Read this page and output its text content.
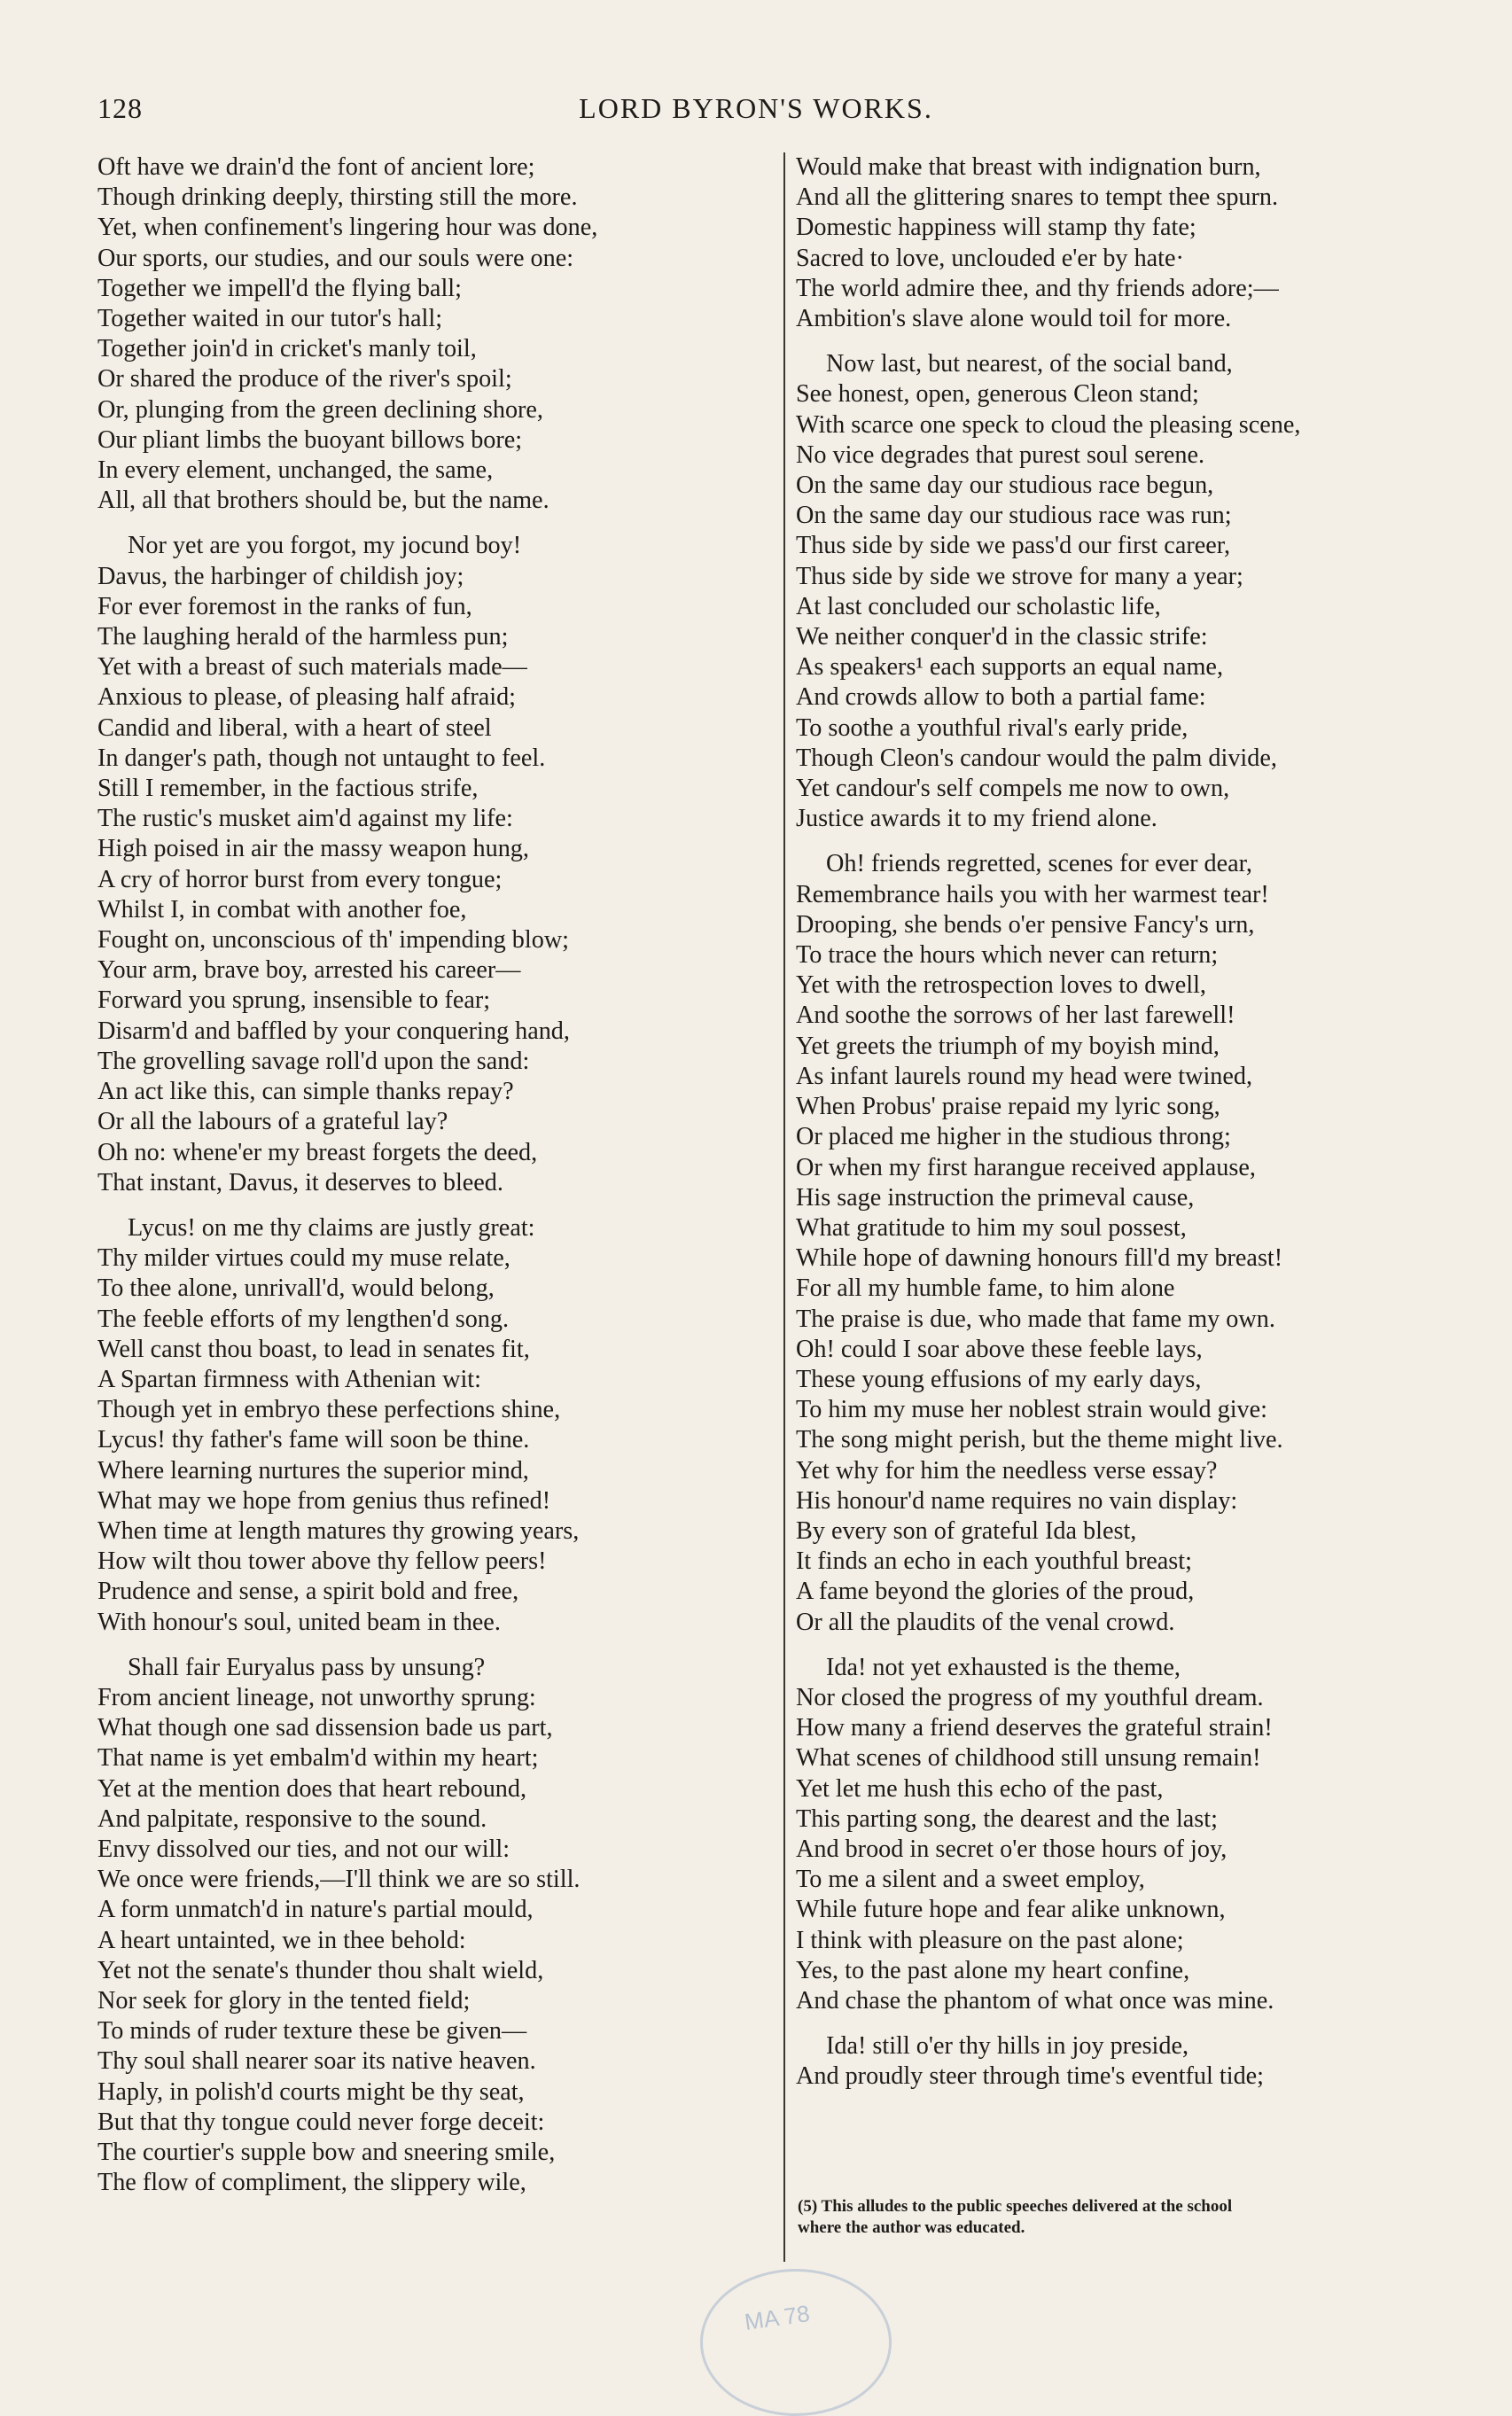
128	LORD BYRON'S WORKS.
Oft have we drain'd the font of ancient lore;
Though drinking deeply, thirsting still the more.
Yet, when confinement's lingering hour was done,
Our sports, our studies, and our souls were one:
Together we impell'd the flying ball;
Together waited in our tutor's hall;
Together join'd in cricket's manly toil,
Or shared the produce of the river's spoil;
Or, plunging from the green declining shore,
Our pliant limbs the buoyant billows bore;
In every element, unchanged, the same,
All, all that brothers should be, but the name.
Nor yet are you forgot, my jocund boy!
Davus, the harbinger of childish joy;
For ever foremost in the ranks of fun,
The laughing herald of the harmless pun;
Yet with a breast of such materials made—
Anxious to please, of pleasing half afraid;
Candid and liberal, with a heart of steel
In danger's path, though not untaught to feel.
Still I remember, in the factious strife,
The rustic's musket aim'd against my life:
High poised in air the massy weapon hung,
A cry of horror burst from every tongue;
Whilst I, in combat with another foe,
Fought on, unconscious of th' impending blow;
Your arm, brave boy, arrested his career—
Forward you sprung, insensible to fear;
Disarm'd and baffled by your conquering hand,
The grovelling savage roll'd upon the sand:
An act like this, can simple thanks repay?
Or all the labours of a grateful lay?
Oh no: whene'er my breast forgets the deed,
That instant, Davus, it deserves to bleed.
Lycus! on me thy claims are justly great:
Thy milder virtues could my muse relate,
To thee alone, unrivall'd, would belong,
The feeble efforts of my lengthen'd song.
Well canst thou boast, to lead in senates fit,
A Spartan firmness with Athenian wit:
Though yet in embryo these perfections shine,
Lycus! thy father's fame will soon be thine.
Where learning nurtures the superior mind,
What may we hope from genius thus refined!
When time at length matures thy growing years,
How wilt thou tower above thy fellow peers!
Prudence and sense, a spirit bold and free,
With honour's soul, united beam in thee.
Shall fair Euryalus pass by unsung?
From ancient lineage, not unworthy sprung:
What though one sad dissension bade us part,
That name is yet embalm'd within my heart;
Yet at the mention does that heart rebound,
And palpitate, responsive to the sound.
Envy dissolved our ties, and not our will:
We once were friends,—I'll think we are so still.
A form unmatch'd in nature's partial mould,
A heart untainted, we in thee behold:
Yet not the senate's thunder thou shalt wield,
Nor seek for glory in the tented field;
To minds of ruder texture these be given—
Thy soul shall nearer soar its native heaven.
Haply, in polish'd courts might be thy seat,
But that thy tongue could never forge deceit:
The courtier's supple bow and sneering smile,
The flow of compliment, the slippery wile,
Would make that breast with indignation burn,
And all the glittering snares to tempt thee spurn.
Domestic happiness will stamp thy fate;
Sacred to love, unclouded e'er by hate·
The world admire thee, and thy friends adore;—
Ambition's slave alone would toil for more.
Now last, but nearest, of the social band,
See honest, open, generous Cleon stand;
With scarce one speck to cloud the pleasing scene,
No vice degrades that purest soul serene.
On the same day our studious race begun,
On the same day our studious race was run;
Thus side by side we pass'd our first career,
Thus side by side we strove for many a year;
At last concluded our scholastic life,
We neither conquer'd in the classic strife:
As speakers¹ each supports an equal name,
And crowds allow to both a partial fame:
To soothe a youthful rival's early pride,
Though Cleon's candour would the palm divide,
Yet candour's self compels me now to own,
Justice awards it to my friend alone.
Oh! friends regretted, scenes for ever dear,
Remembrance hails you with her warmest tear!
Drooping, she bends o'er pensive Fancy's urn,
To trace the hours which never can return;
Yet with the retrospection loves to dwell,
And soothe the sorrows of her last farewell!
Yet greets the triumph of my boyish mind,
As infant laurels round my head were twined,
When Probus' praise repaid my lyric song,
Or placed me higher in the studious throng;
Or when my first harangue received applause,
His sage instruction the primeval cause,
What gratitude to him my soul possest,
While hope of dawning honours fill'd my breast!
For all my humble fame, to him alone
The praise is due, who made that fame my own.
Oh! could I soar above these feeble lays,
These young effusions of my early days,
To him my muse her noblest strain would give:
The song might perish, but the theme might live.
Yet why for him the needless verse essay?
His honour'd name requires no vain display:
By every son of grateful Ida blest,
It finds an echo in each youthful breast;
A fame beyond the glories of the proud,
Or all the plaudits of the venal crowd.
Ida! not yet exhausted is the theme,
Nor closed the progress of my youthful dream.
How many a friend deserves the grateful strain!
What scenes of childhood still unsung remain!
Yet let me hush this echo of the past,
This parting song, the dearest and the last;
And brood in secret o'er those hours of joy,
To me a silent and a sweet employ,
While future hope and fear alike unknown,
I think with pleasure on the past alone;
Yes, to the past alone my heart confine,
And chase the phantom of what once was mine.
Ida! still o'er thy hills in joy preside,
And proudly steer through time's eventful tide;
(5) This alludes to the public speeches delivered at the school
where the author was educated.
MA 78
